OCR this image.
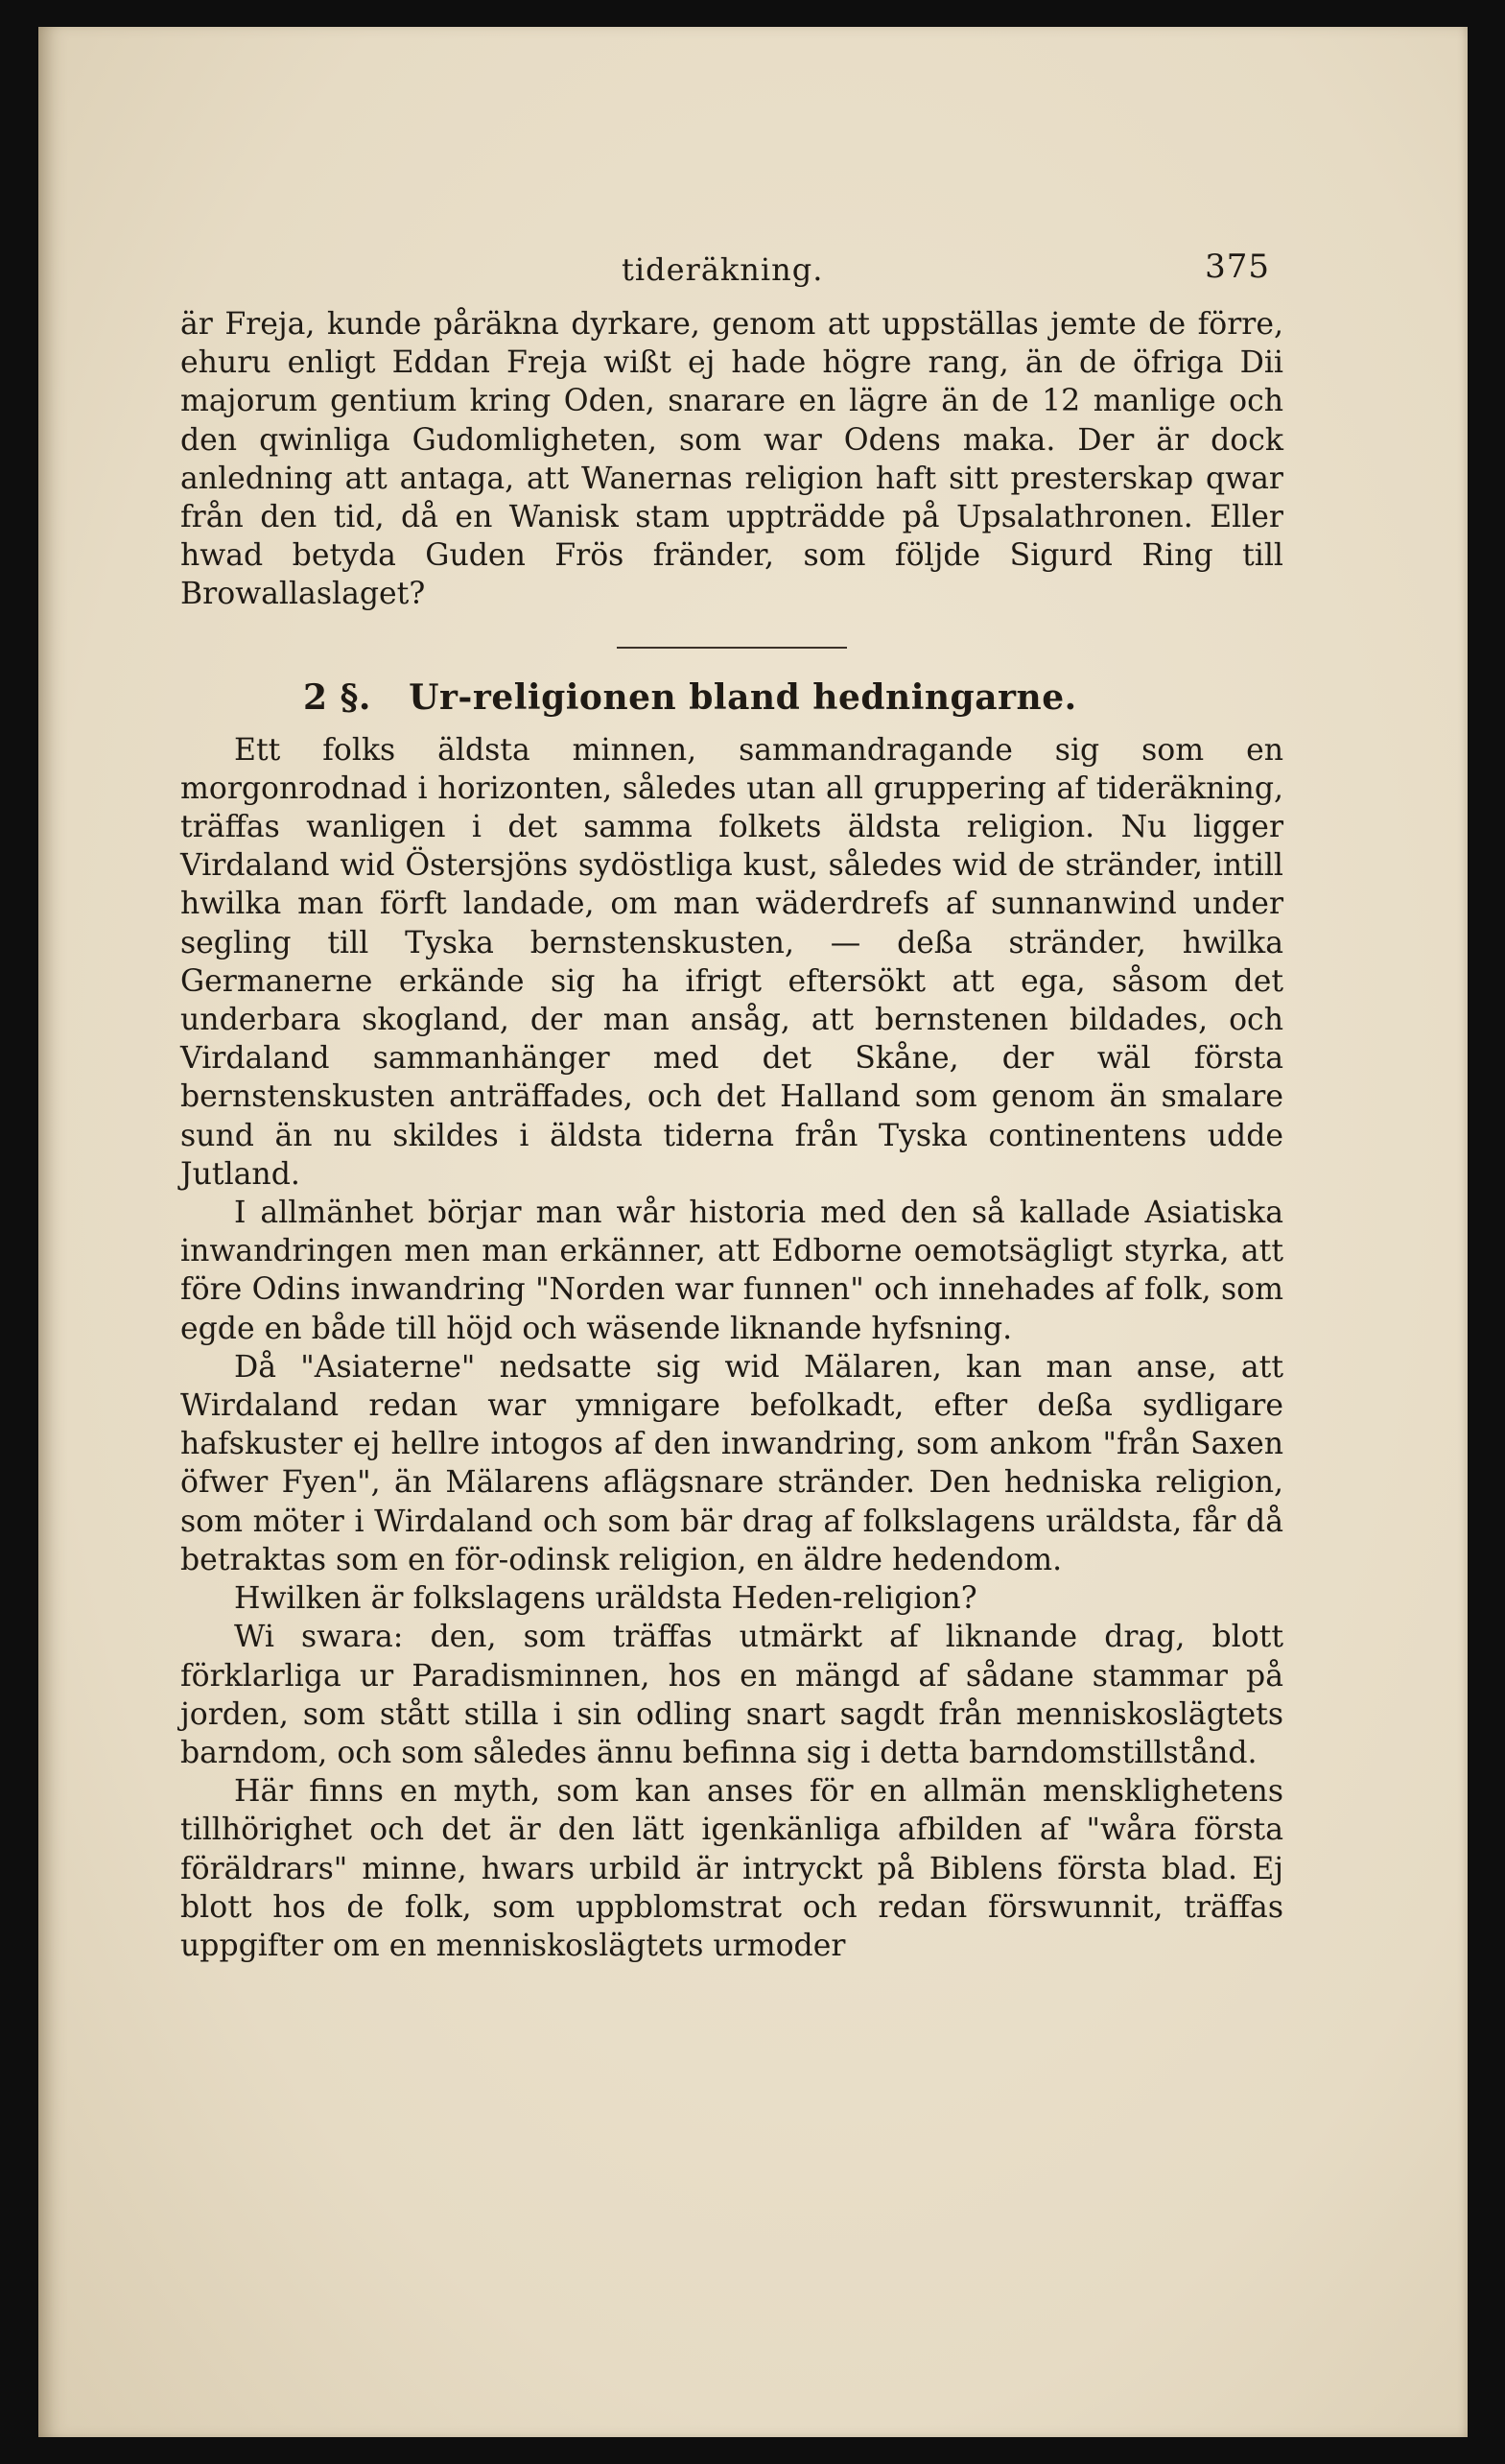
tideräkning.	375

är Freja, kunde påräkna dyrkare, genom att uppställas jemte de förre, ehuru enligt Eddan Freja wißt ej hade högre rang, än de öfriga Dii majorum gentium kring Oden, snarare en lägre än de 12 manlige och den qwinliga Gudomligheten, som war Odens maka. Der är dock anledning att antaga, att Wanernas religion haft sitt presterskap qwar från den tid, då en Wanisk stam uppträdde på Upsalathronen. Eller hwad betyda Guden Frös fränder, som följde Sigurd Ring till Browallaslaget?

2 §. Ur-religionen bland hedningarne.

Ett folks äldsta minnen, sammandragande sig som en morgonrodnad i horizonten, således utan all gruppering af tideräkning, träffas wanligen i det samma folkets äldsta religion. Nu ligger Virdaland wid Östersjöns sydöstliga kust, således wid de stränder, intill hwilka man förft landade, om man wäderdrefs af sunnanwind under segling till Tyska bernstenskusten, — deßa stränder, hwilka Germanerne erkände sig ha ifrigt eftersökt att ega, såsom det underbara skogland, der man ansåg, att bernstenen bildades, och Virdaland sammanhänger med det Skåne, der wäl första bernstenskusten anträffades, och det Halland som genom än smalare sund än nu skildes i äldsta tiderna från Tyska continentens udde Jutland.

I allmänhet börjar man wår historia med den så kallade Asiatiska inwandringen men man erkänner, att Edborne oemotsägligt styrka, att före Odins inwandring "Norden war funnen" och innehades af folk, som egde en både till höjd och wäsende liknande hyfsning.

Då "Asiaterne" nedsatte sig wid Mälaren, kan man anse, att Wirdaland redan war ymnigare befolkadt, efter deßa sydligare hafskuster ej hellre intogos af den inwandring, som ankom "från Saxen öfwer Fyen", än Mälarens aflägsnare stränder. Den hedniska religion, som möter i Wirdaland och som bär drag af folkslagens uräldsta, får då betraktas som en för-odinsk religion, en äldre hedendom.

Hwilken är folkslagens uräldsta Heden-religion?

Wi swara: den, som träffas utmärkt af liknande drag, blott förklarliga ur Paradisminnen, hos en mängd af sådane stammar på jorden, som stått stilla i sin odling snart sagdt från menniskoslägtets barndom, och som således ännu befinna sig i detta barndomstillstånd.

Här finns en myth, som kan anses för en allmän mensklighetens tillhörighet och det är den lätt igenkänliga afbilden af "wåra första föräldrars" minne, hwars urbild är intryckt på Biblens första blad. Ej blott hos de folk, som uppblomstrat och redan förswunnit, träffas uppgifter om en menniskoslägtets urmoder
